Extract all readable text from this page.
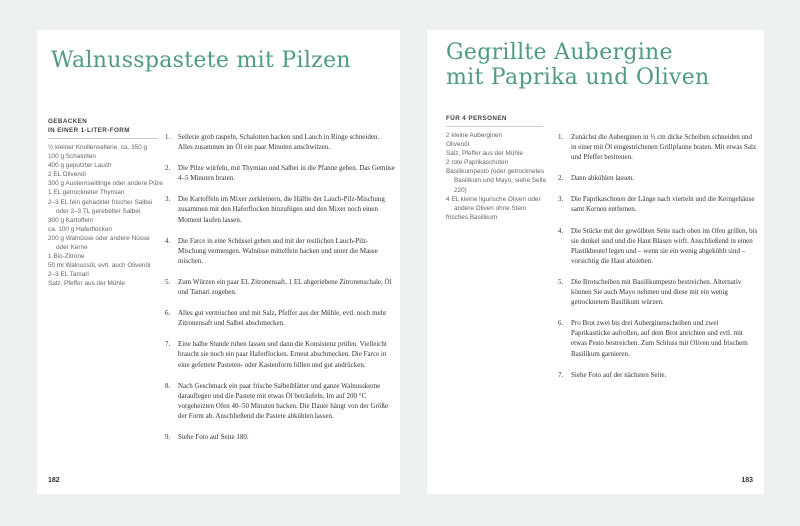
Walnusspastete mit Pilzen
GEBACKEN
IN EINER 1-LITER-FORM
½ kleiner Knollensellerie, ca. 350 g
100 g Schalotten
400 g geputzter Lauch
2 EL Olivenöl
300 g Austernseitlinge oder andere Pilze
1 EL getrockneter Thymian
2–3 EL fein gehackter frischer Salbei oder 2–3 TL gerebelter Salbei
300 g Kartoffeln
ca. 100 g Haferflocken
200 g Walnüsse oder andere Nüsse oder Kerne
1 Bio-Zitrone
50 ml Walnussöl, evtl. auch Olivenöl
2–3 EL Tamari
Salz, Pfeffer aus der Mühle
1. Sellerie grob raspeln, Schalotten hacken und Lauch in Ringe schneiden. Alles zusammen im Öl ein paar Minuten anschwitzen.
2. Die Pilze würfeln, mit Thymian und Salbei in die Pfanne geben. Das Gemüse 4–5 Minuten braten.
3. Die Kartoffeln im Mixer zerkleinern, die Hälfte der Lauch-Pilz-Mischung zusammen mit den Haferflocken hinzufügen und den Mixer noch einen Moment laufen lassen.
4. Die Farce in eine Schüssel geben und mit der restlichen Lauch-Pilz-Mischung vermengen. Walnüsse mittelfein hacken und unter die Masse mischen.
5. Zum Würzen ein paar EL Zitronensaft, 1 EL abgeriebene Zitronenschale, Öl und Tamari zugeben.
6. Alles gut vermischen und mit Salz, Pfeffer aus der Mühle, evtl. noch mehr Zitronensaft und Salbei abschmecken.
7. Eine halbe Stunde ruhen lassen und dann die Konsistenz prüfen. Vielleicht braucht sie noch ein paar Haferflocken. Erneut abschmecken. Die Farce in eine gefettete Pasteten- oder Kastenform füllen und gut andrücken.
8. Nach Geschmack ein paar frische Salbeiblätter und ganze Walnusskerne darauflegen und die Pastete mit etwas Öl beträufeln. Im auf 200 °C vorgeheizten Ofen 40–50 Minuten backen. Die Dauer hängt von der Größe der Form ab. Anschließend die Pastete abkühlen lassen.
9. Siehe Foto auf Seite 180.
182
Gegrillte Aubergine
mit Paprika und Oliven
FÜR 4 PERSONEN
2 kleine Auberginen
Olivenöl
Salz, Pfeffer aus der Mühle
2 rote Paprikaschoten
Basilikumpesto (oder getrocknetes Basilikum und Mayo, siehe Seite 220)
4 EL kleine ligurische Oliven oder andere Oliven ohne Stein
frisches Basilikum
1. Zunächst die Auberginen in ½ cm dicke Scheiben schneiden und in einer mit Öl eingestrichenen Grillpfanne braten. Mit etwas Salz und Pfeffer bestreuen.
2. Dann abkühlen lassen.
3. Die Paprikaschoten der Länge nach vierteln und die Kerngehäuse samt Kernen entfernen.
4. Die Stücke mit der gewölbten Seite nach oben im Ofen grillen, bis sie dunkel sind und die Haut Blasen wirft. Anschließend in einen Plastikbeutel legen und – wenn sie ein wenig abgekühlt sind – vorsichtig die Haut abziehen.
5. Die Brotscheiben mit Basilikumpesto bestreichen. Alternativ können Sie auch Mayo nehmen und diese mit ein wenig getrocknetem Basilikum würzen.
6. Pro Brot zwei bis drei Auberginenscheiben und zwei Paprikastücke aufrollen, auf dem Brot anrichten und evtl. mit etwas Pesto bestreichen. Zum Schluss mit Oliven und frischem Basilikum garnieren.
7. Siehe Foto auf der nächsten Seite.
183
